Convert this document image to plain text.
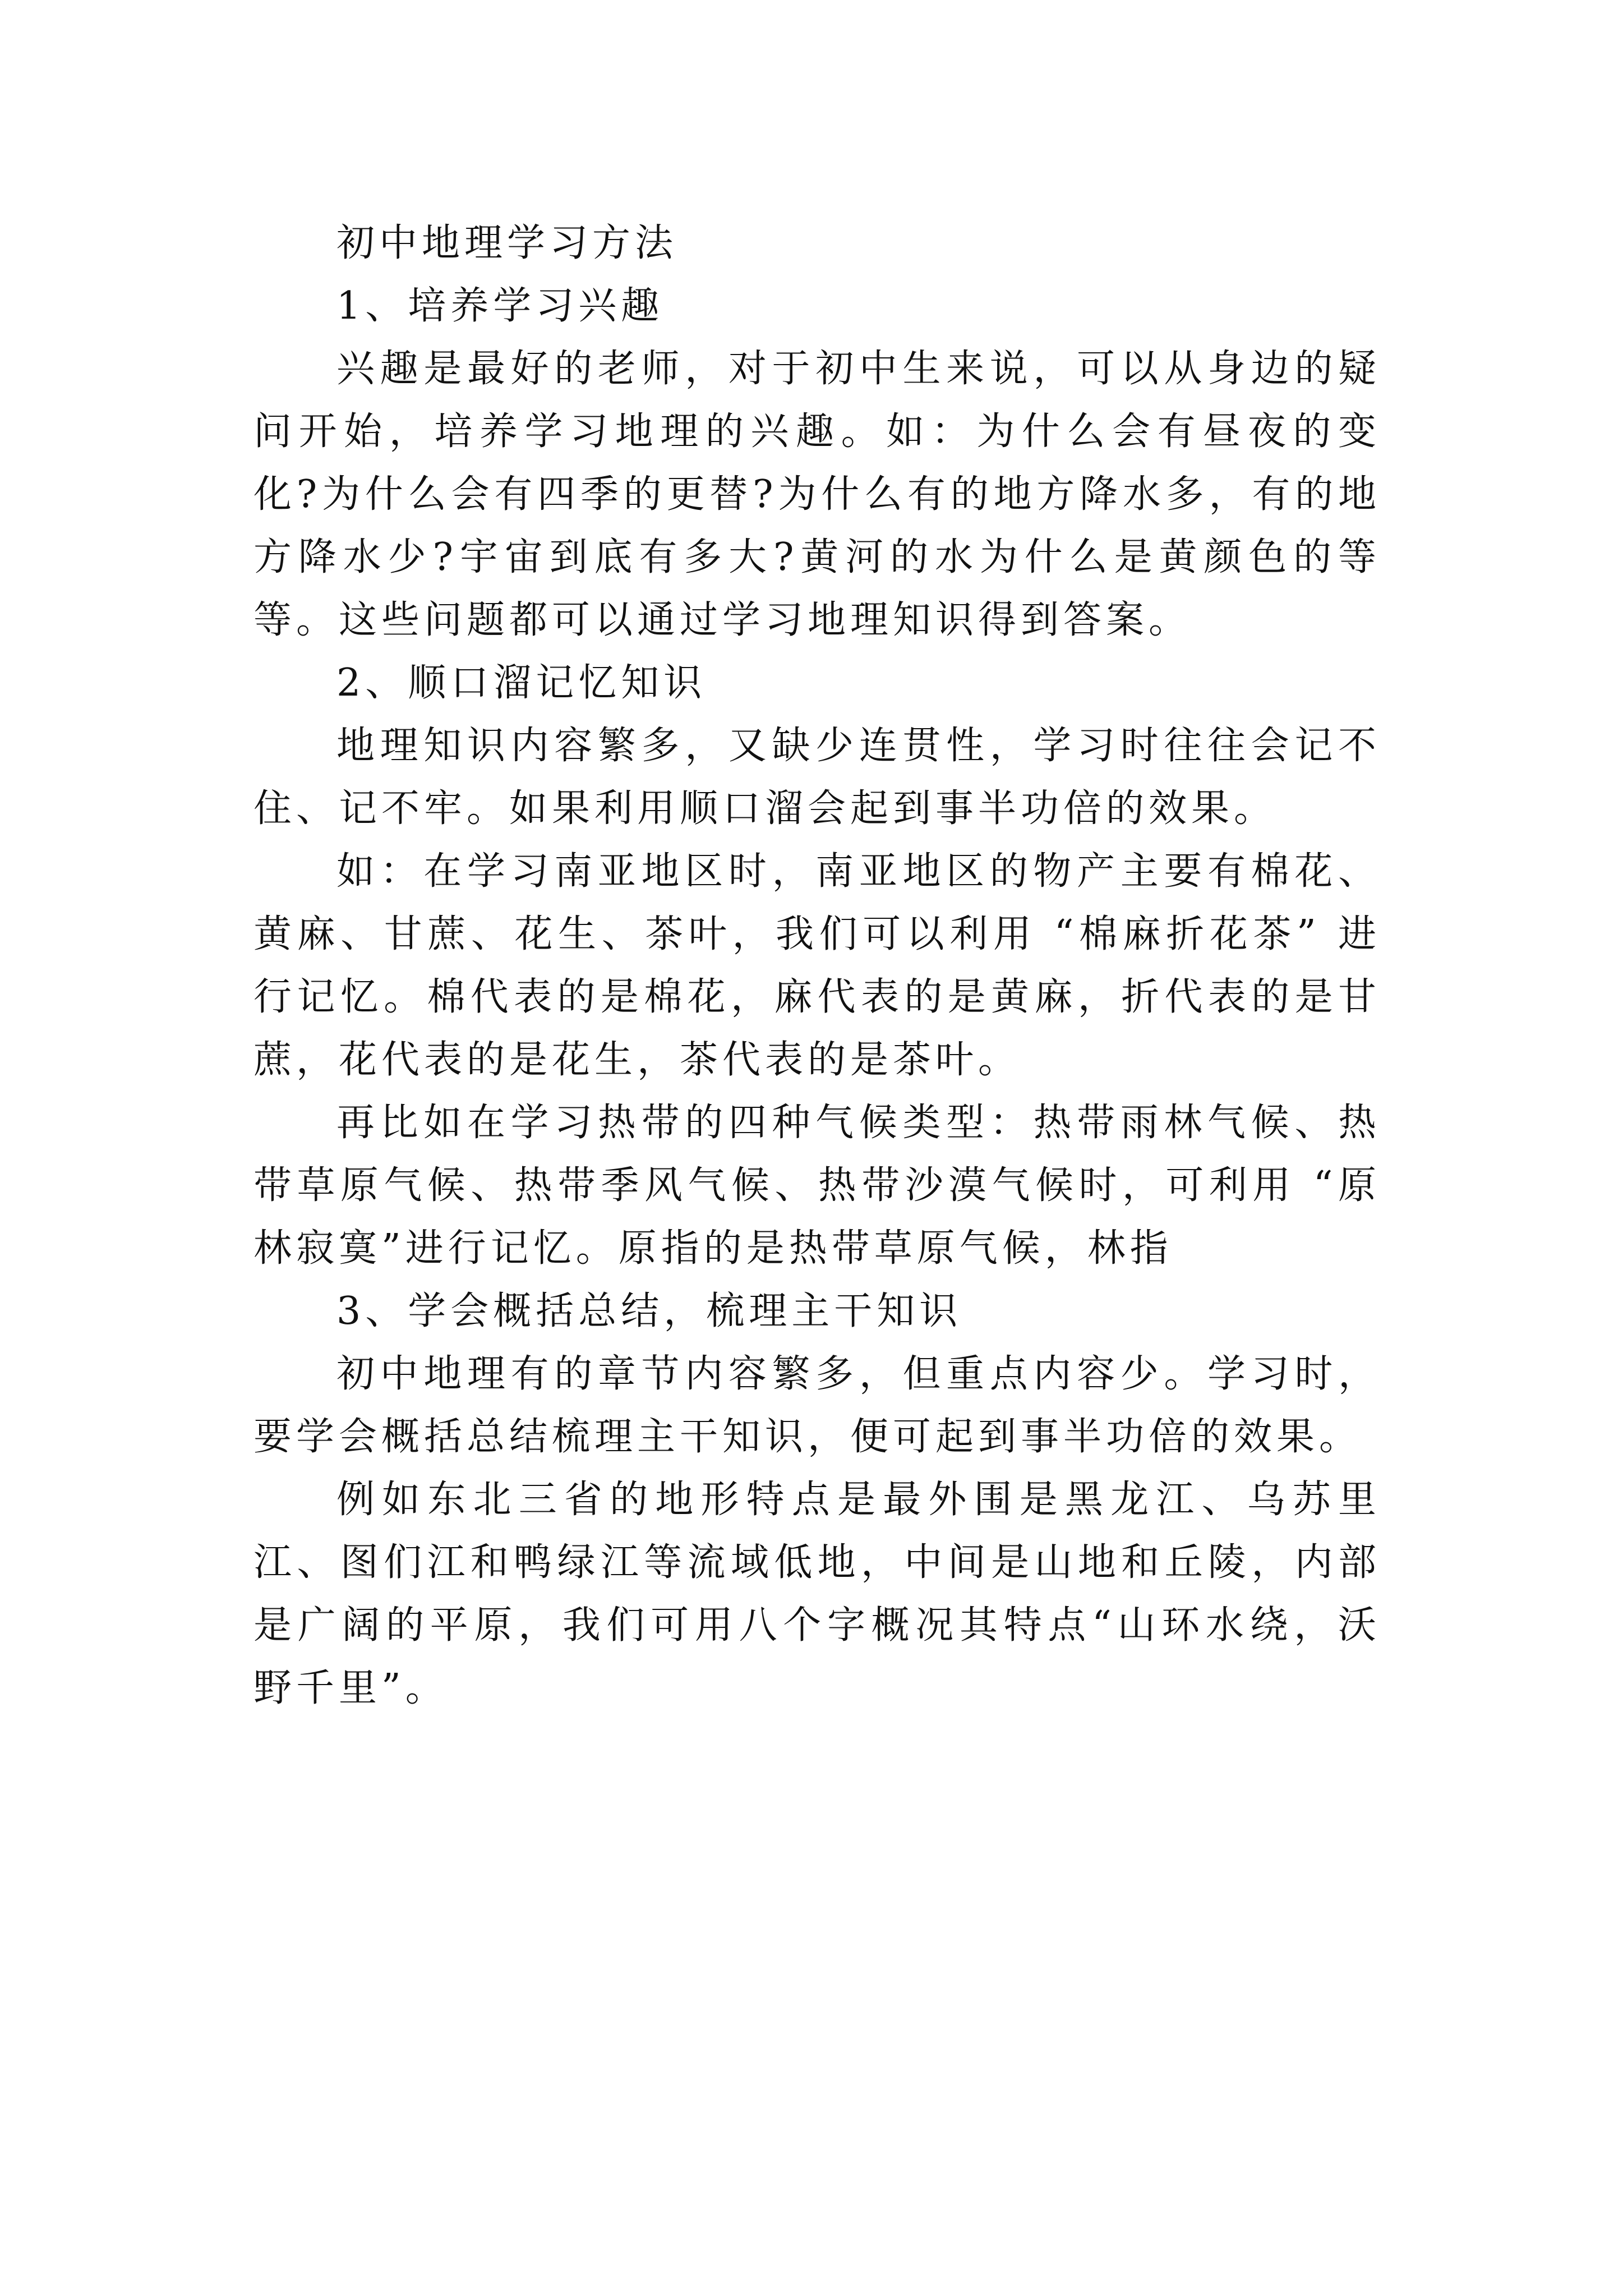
初中地理学习方法

1、培养学习兴趣

兴趣是最好的老师，对于初中生来说，可以从身边的疑问开始，培养学习地理的兴趣。如：为什么会有昼夜的变化?为什么会有四季的更替?为什么有的地方降水多，有的地方降水少?宇宙到底有多大?黄河的水为什么是黄颜色的等等。这些问题都可以通过学习地理知识得到答案。

2、顺口溜记忆知识

地理知识内容繁多，又缺少连贯性，学习时往往会记不住、记不牢。如果利用顺口溜会起到事半功倍的效果。

如：在学习南亚地区时，南亚地区的物产主要有棉花、黄麻、甘蔗、花生、茶叶，我们可以利用 “棉麻折花茶” 进行记忆。棉代表的是棉花，麻代表的是黄麻，折代表的是甘蔗，花代表的是花生，茶代表的是茶叶。

再比如在学习热带的四种气候类型：热带雨林气候、热带草原气候、热带季风气候、热带沙漠气候时，可利用 “原林寂寞”进行记忆。原指的是热带草原气候，林指

3、学会概括总结，梳理主干知识

初中地理有的章节内容繁多，但重点内容少。学习时，要学会概括总结梳理主干知识，便可起到事半功倍的效果。

例如东北三省的地形特点是最外围是黑龙江、乌苏里江、图们江和鸭绿江等流域低地，中间是山地和丘陵，内部是广阔的平原，我们可用八个字概况其特点“山环水绕，沃野千里”。
